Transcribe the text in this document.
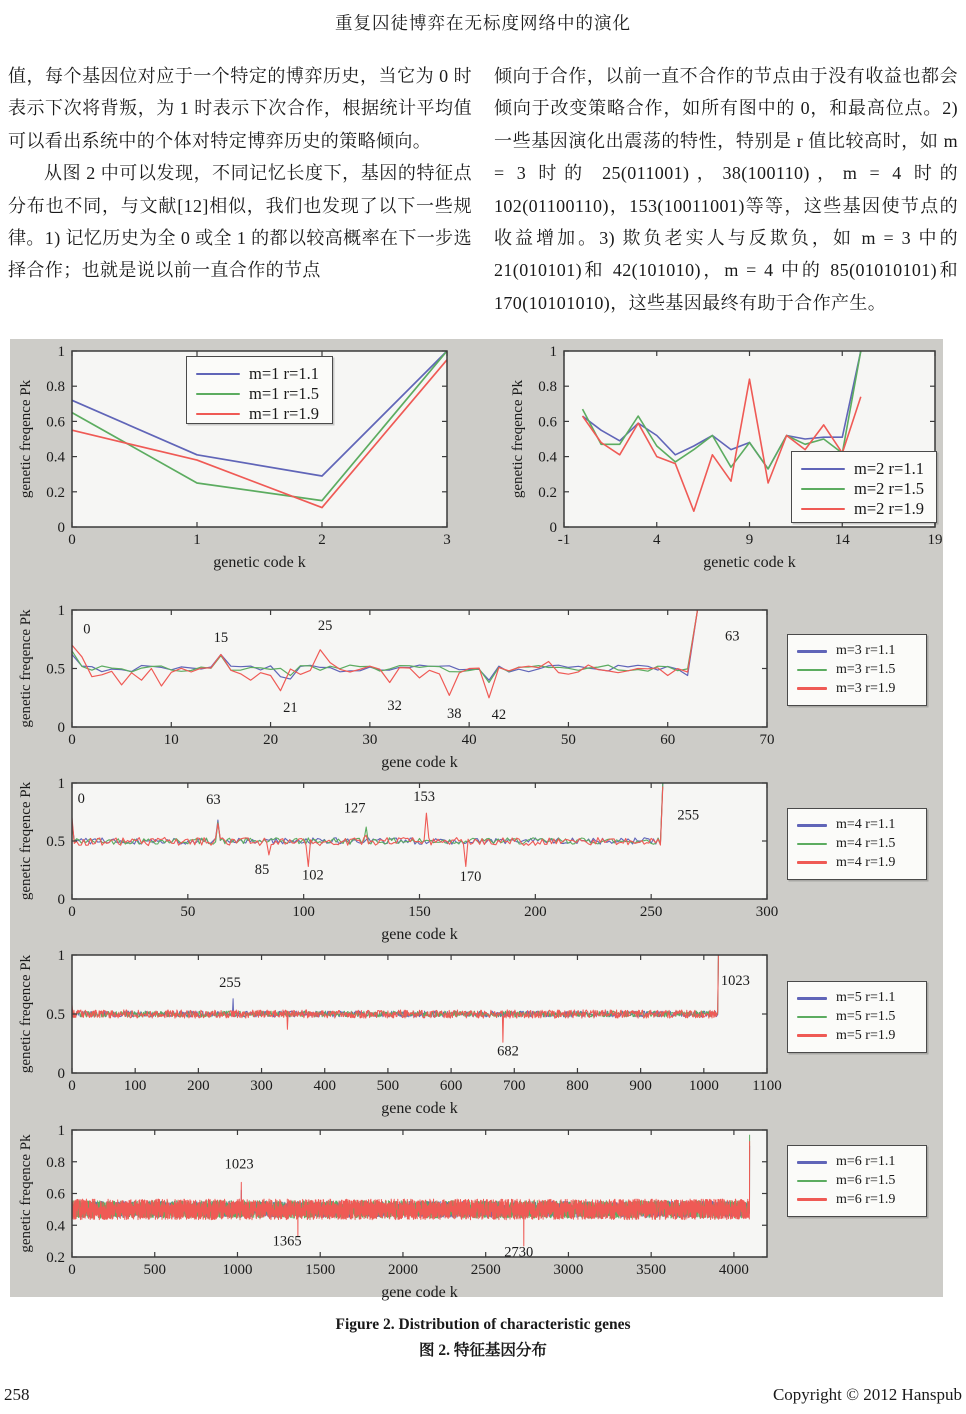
重复囚徒博弈在无标度网络中的演化

值，每个基因位对应于一个特定的博弈历史，当它为 0 时表示下次将背叛，为 1 时表示下次合作，根据统计平均值可以看出系统中的个体对特定博弈历史的策略倾向。

从图 2 中可以发现，不同记忆长度下，基因的特征点分布也不同，与文献[12]相似，我们也发现了以下一些规律。1) 记忆历史为全 0 或全 1 的都以较高概率在下一步选择合作；也就是说以前一直合作的节点

倾向于合作，以前一直不合作的节点由于没有收益也都会倾向于改变策略合作，如所有图中的 0，和最高位点。2) 一些基因演化出震荡的特性，特别是 r 值比较高时，如 m = 3 时的 25(011001)，38(100110)，m = 4 时的 102(01100110)，153(10011001)等等，这些基因使节点的收益增加。3) 欺负老实人与反欺负，如 m = 3 中的 21(010101)和 42(101010)，m = 4 中的 85(01010101)和 170(10101010)，这些基因最终有助于合作产生。

0	1	2	3
0
0.2
0.4
0.6
0.8
1
genetic code k
genetic freqence Pk
-1	4	9	14	19
0
0.2
0.4
0.6
0.8
1
genetic code k
genetic freqence Pk
0	10	20	30	40	50	60	70
0
0.5
1
gene code k
genetic freqence Pk	0
15
25
21	32
38 42
63
0	50	100	150	200	250	300
0
0.5
1
gene code k
genetic freqence Pk	0	63
127
153
255
85 102	170
0	100	200	300	400	500	600	700	800	900 1000 1100
0
0.5
1
gene code k
genetic freqence Pk	255
682
1023
0	500	1000	1500	2000	2500	3000	3500	4000
0.2
0.4
0.6
0.8
1
gene code k
genetic freqence Pk	1023
1365
2730
m=1 r=1.1
m=1 r=1.5
m=1 r=1.9
m=2 r=1.1
m=2 r=1.5
m=2 r=1.9
m=3 r=1.1
m=3 r=1.5
m=3 r=1.9
m=4 r=1.1
m=4 r=1.5
m=4 r=1.9
m=5 r=1.1
m=5 r=1.5
m=5 r=1.9
m=6 r=1.1
m=6 r=1.5
m=6 r=1.9
Figure 2. Distribution of characteristic genes
图 2. 特征基因分布
258	Copyright © 2012 Hanspub
